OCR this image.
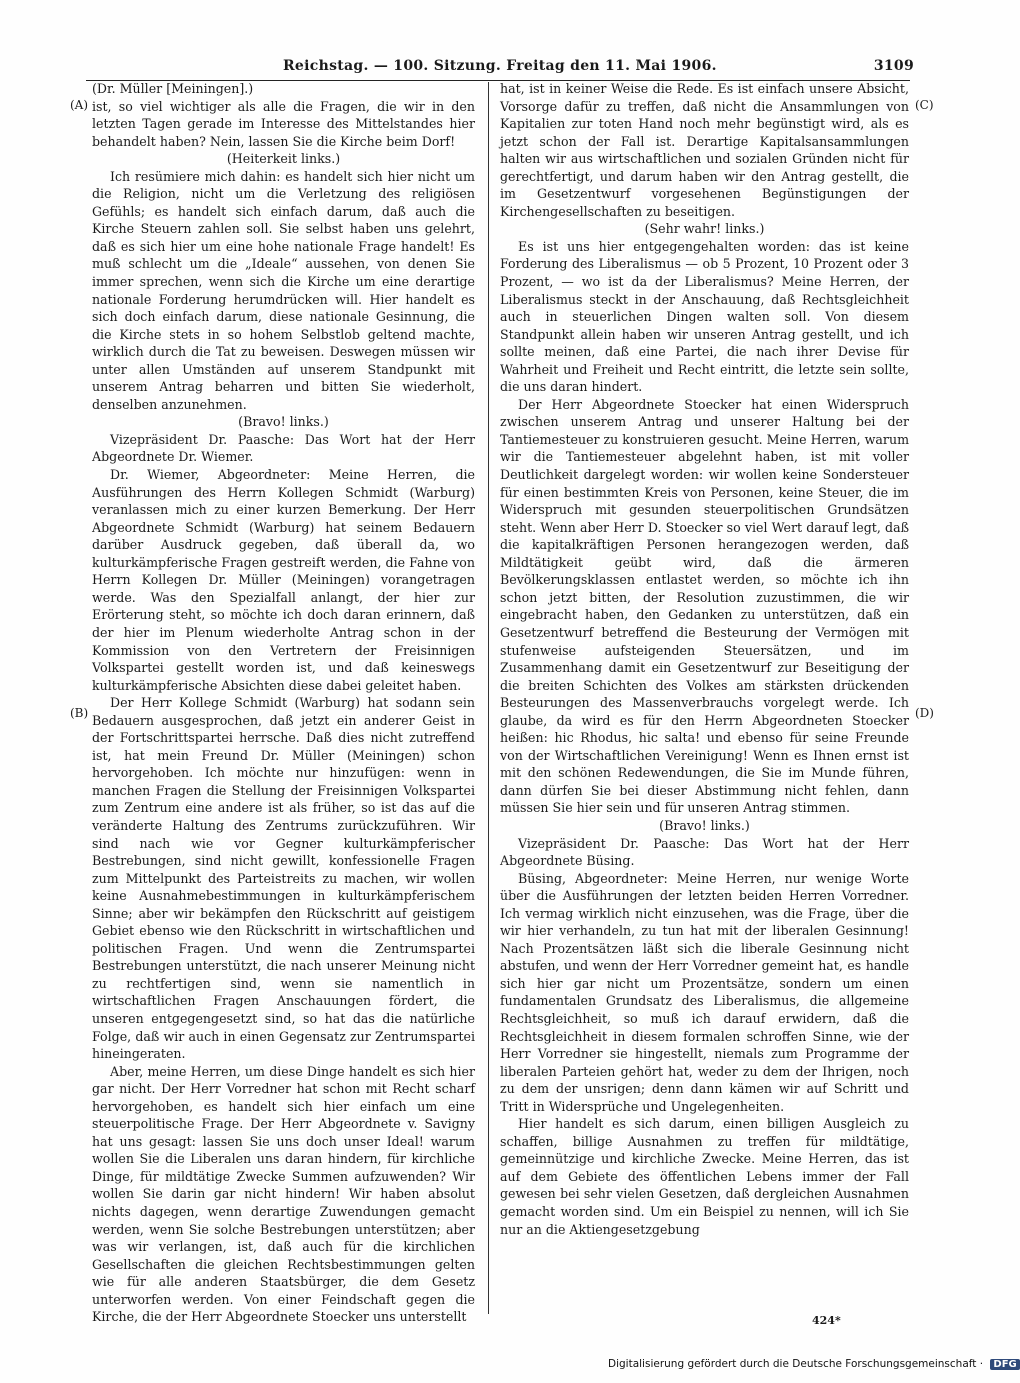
Reichstag. — 100. Sitzung. Freitag den 11. Mai 1906.	3109
(A)
(B)
(C)
(D)

(Dr. Müller [Meiningen].)

ist, so viel wichtiger als alle die Fragen, die wir in den letzten Tagen gerade im Interesse des Mittelstandes hier behandelt haben? Nein, lassen Sie die Kirche beim Dorf!

(Heiterkeit links.)

Ich resümiere mich dahin: es handelt sich hier nicht um die Religion, nicht um die Verletzung des religiösen Gefühls; es handelt sich einfach darum, daß auch die Kirche Steuern zahlen soll. Sie selbst haben uns gelehrt, daß es sich hier um eine hohe nationale Frage handelt! Es muß schlecht um die „Ideale“ aussehen, von denen Sie immer sprechen, wenn sich die Kirche um eine derartige nationale Forderung herumdrücken will. Hier handelt es sich doch einfach darum, diese nationale Gesinnung, die die Kirche stets in so hohem Selbstlob geltend machte, wirklich durch die Tat zu beweisen. Deswegen müssen wir unter allen Umständen auf unserem Standpunkt mit unserem Antrag beharren und bitten Sie wiederholt, denselben anzunehmen.

(Bravo! links.)

Vizepräsident Dr. Paasche: Das Wort hat der Herr Abgeordnete Dr. Wiemer.

Dr. Wiemer, Abgeordneter: Meine Herren, die Ausführungen des Herrn Kollegen Schmidt (Warburg) veranlassen mich zu einer kurzen Bemerkung. Der Herr Abgeordnete Schmidt (Warburg) hat seinem Bedauern darüber Ausdruck gegeben, daß überall da, wo kulturkämpferische Fragen gestreift werden, die Fahne von Herrn Kollegen Dr. Müller (Meiningen) vorangetragen werde. Was den Spezialfall anlangt, der hier zur Erörterung steht, so möchte ich doch daran erinnern, daß der hier im Plenum wiederholte Antrag schon in der Kommission von den Vertretern der Freisinnigen Volkspartei gestellt worden ist, und daß keineswegs kulturkämpferische Absichten diese dabei geleitet haben.

Der Herr Kollege Schmidt (Warburg) hat sodann sein Bedauern ausgesprochen, daß jetzt ein anderer Geist in der Fortschrittspartei herrsche. Daß dies nicht zutreffend ist, hat mein Freund Dr. Müller (Meiningen) schon hervorgehoben. Ich möchte nur hinzufügen: wenn in manchen Fragen die Stellung der Freisinnigen Volkspartei zum Zentrum eine andere ist als früher, so ist das auf die veränderte Haltung des Zentrums zurückzuführen. Wir sind nach wie vor Gegner kulturkämpferischer Bestrebungen, sind nicht gewillt, konfessionelle Fragen zum Mittelpunkt des Parteistreits zu machen, wir wollen keine Ausnahmebestimmungen in kulturkämpferischem Sinne; aber wir bekämpfen den Rückschritt auf geistigem Gebiet ebenso wie den Rückschritt in wirtschaftlichen und politischen Fragen. Und wenn die Zentrumspartei Bestrebungen unterstützt, die nach unserer Meinung nicht zu rechtfertigen sind, wenn sie namentlich in wirtschaftlichen Fragen Anschauungen fördert, die unseren entgegengesetzt sind, so hat das die natürliche Folge, daß wir auch in einen Gegensatz zur Zentrumspartei hineingeraten.

Aber, meine Herren, um diese Dinge handelt es sich hier gar nicht. Der Herr Vorredner hat schon mit Recht scharf hervorgehoben, es handelt sich hier einfach um eine steuerpolitische Frage. Der Herr Abgeordnete v. Savigny hat uns gesagt: lassen Sie uns doch unser Ideal! warum wollen Sie die Liberalen uns daran hindern, für kirchliche Dinge, für mildtätige Zwecke Summen aufzuwenden? Wir wollen Sie darin gar nicht hindern! Wir haben absolut nichts dagegen, wenn derartige Zuwendungen gemacht werden, wenn Sie solche Bestrebungen unterstützen; aber was wir verlangen, ist, daß auch für die kirchlichen Gesellschaften die gleichen Rechtsbestimmungen gelten wie für alle anderen Staatsbürger, die dem Gesetz unterworfen werden. Von einer Feindschaft gegen die Kirche, die der Herr Abgeordnete Stoecker uns unterstellt

hat, ist in keiner Weise die Rede. Es ist einfach unsere Absicht, Vorsorge dafür zu treffen, daß nicht die Ansammlungen von Kapitalien zur toten Hand noch mehr begünstigt wird, als es jetzt schon der Fall ist. Derartige Kapitalsansammlungen halten wir aus wirtschaftlichen und sozialen Gründen nicht für gerechtfertigt, und darum haben wir den Antrag gestellt, die im Gesetzentwurf vorgesehenen Begünstigungen der Kirchengesellschaften zu beseitigen.

(Sehr wahr! links.)

Es ist uns hier entgegengehalten worden: das ist keine Forderung des Liberalismus — ob 5 Prozent, 10 Prozent oder 3 Prozent, — wo ist da der Liberalismus? Meine Herren, der Liberalismus steckt in der Anschauung, daß Rechtsgleichheit auch in steuerlichen Dingen walten soll. Von diesem Standpunkt allein haben wir unseren Antrag gestellt, und ich sollte meinen, daß eine Partei, die nach ihrer Devise für Wahrheit und Freiheit und Recht eintritt, die letzte sein sollte, die uns daran hindert.

Der Herr Abgeordnete Stoecker hat einen Widerspruch zwischen unserem Antrag und unserer Haltung bei der Tantiemesteuer zu konstruieren gesucht. Meine Herren, warum wir die Tantiemesteuer abgelehnt haben, ist mit voller Deutlichkeit dargelegt worden: wir wollen keine Sondersteuer für einen bestimmten Kreis von Personen, keine Steuer, die im Widerspruch mit gesunden steuerpolitischen Grundsätzen steht. Wenn aber Herr D. Stoecker so viel Wert darauf legt, daß die kapitalkräftigen Personen herangezogen werden, daß Mildtätigkeit geübt wird, daß die ärmeren Bevölkerungsklassen entlastet werden, so möchte ich ihn schon jetzt bitten, der Resolution zuzustimmen, die wir eingebracht haben, den Gedanken zu unterstützen, daß ein Gesetzentwurf betreffend die Besteurung der Vermögen mit stufenweise aufsteigenden Steuersätzen, und im Zusammenhang damit ein Gesetzentwurf zur Beseitigung der die breiten Schichten des Volkes am stärksten drückenden Besteurungen des Massenverbrauchs vorgelegt werde. Ich glaube, da wird es für den Herrn Abgeordneten Stoecker heißen: hic Rhodus, hic salta! und ebenso für seine Freunde von der Wirtschaftlichen Vereinigung! Wenn es Ihnen ernst ist mit den schönen Redewendungen, die Sie im Munde führen, dann dürfen Sie bei dieser Abstimmung nicht fehlen, dann müssen Sie hier sein und für unseren Antrag stimmen.

(Bravo! links.)

Vizepräsident Dr. Paasche: Das Wort hat der Herr Abgeordnete Büsing.

Büsing, Abgeordneter: Meine Herren, nur wenige Worte über die Ausführungen der letzten beiden Herren Vorredner. Ich vermag wirklich nicht einzusehen, was die Frage, über die wir hier verhandeln, zu tun hat mit der liberalen Gesinnung! Nach Prozentsätzen läßt sich die liberale Gesinnung nicht abstufen, und wenn der Herr Vorredner gemeint hat, es handle sich hier gar nicht um Prozentsätze, sondern um einen fundamentalen Grundsatz des Liberalismus, die allgemeine Rechtsgleichheit, so muß ich darauf erwidern, daß die Rechtsgleichheit in diesem formalen schroffen Sinne, wie der Herr Vorredner sie hingestellt, niemals zum Programme der liberalen Parteien gehört hat, weder zu dem der Ihrigen, noch zu dem der unsrigen; denn dann kämen wir auf Schritt und Tritt in Widersprüche und Ungelegenheiten.

Hier handelt es sich darum, einen billigen Ausgleich zu schaffen, billige Ausnahmen zu treffen für mildtätige, gemeinnützige und kirchliche Zwecke. Meine Herren, das ist auf dem Gebiete des öffentlichen Lebens immer der Fall gewesen bei sehr vielen Gesetzen, daß dergleichen Ausnahmen gemacht worden sind. Um ein Beispiel zu nennen, will ich Sie nur an die Aktiengesetzgebung

424*
Digitalisierung gefördert durch die Deutsche Forschungsgemeinschaft · DFG
